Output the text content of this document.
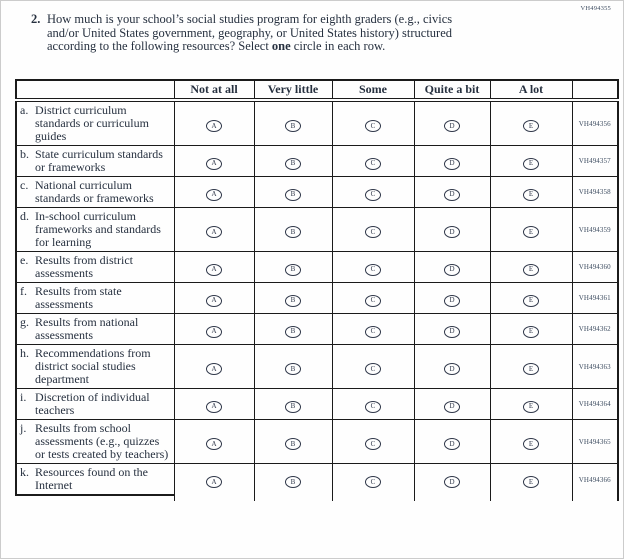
VH494355
2. How much is your school’s social studies program for eighth graders (e.g., civics
and/or United States government, geography, or United States history) structured
according to the following resources? Select one circle in each row.
	Not at all	Very little	Some	Quite a bit	A lot	

a. District curriculum standards or curriculum guides	A	B	C	D	E	VH494356

b. State curriculum standards or frameworks	A	B	C	D	E	VH494357

c. National curriculum standards or frameworks	A	B	C	D	E	VH494358

d. In-school curriculum frameworks and standards for learning	A	B	C	D	E	VH494359

e. Results from district assessments	A	B	C	D	E	VH494360

f. Results from state assessments	A	B	C	D	E	VH494361

g. Results from national assessments	A	B	C	D	E	VH494362

h. Recommendations from district social studies department	A	B	C	D	E	VH494363

i. Discretion of individual teachers	A	B	C	D	E	VH494364

j. Results from school assessments (e.g., quizzes or tests created by teachers)	A	B	C	D	E	VH494365

k. Resources found on the Internet	A	B	C	D	E	VH494366
